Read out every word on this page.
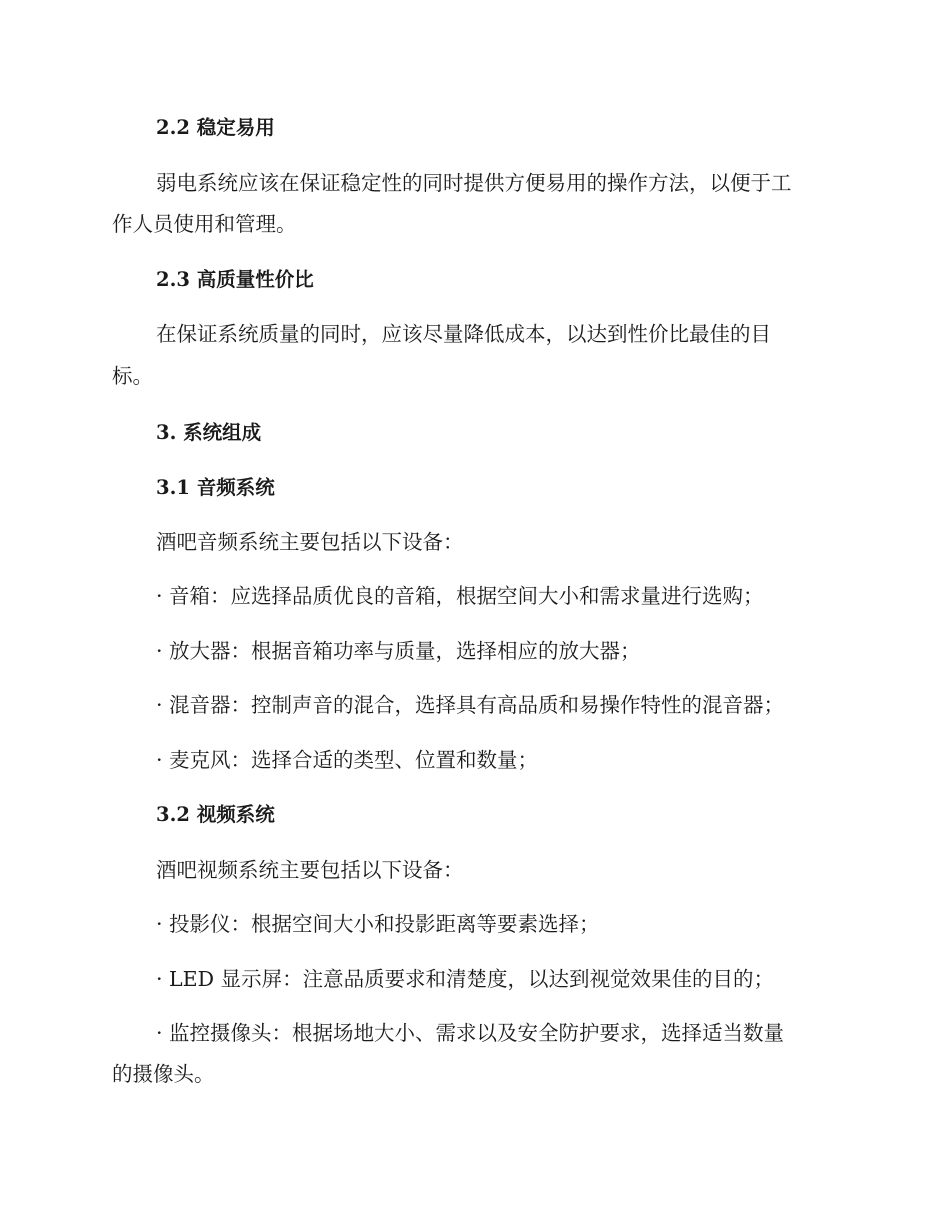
2.2 稳定易用
弱电系统应该在保证稳定性的同时提供方便易用的操作方法，以便于工
作人员使用和管理。
2.3 高质量性价比
在保证系统质量的同时，应该尽量降低成本，以达到性价比最佳的目
标。
3. 系统组成
3.1 音频系统
酒吧音频系统主要包括以下设备：
· 音箱：应选择品质优良的音箱，根据空间大小和需求量进行选购；
· 放大器：根据音箱功率与质量，选择相应的放大器；
· 混音器：控制声音的混合，选择具有高品质和易操作特性的混音器；
· 麦克风：选择合适的类型、位置和数量；
3.2 视频系统
酒吧视频系统主要包括以下设备：
· 投影仪：根据空间大小和投影距离等要素选择；
· LED 显示屏：注意品质要求和清楚度，以达到视觉效果佳的目的；
· 监控摄像头：根据场地大小、需求以及安全防护要求，选择适当数量
的摄像头。
